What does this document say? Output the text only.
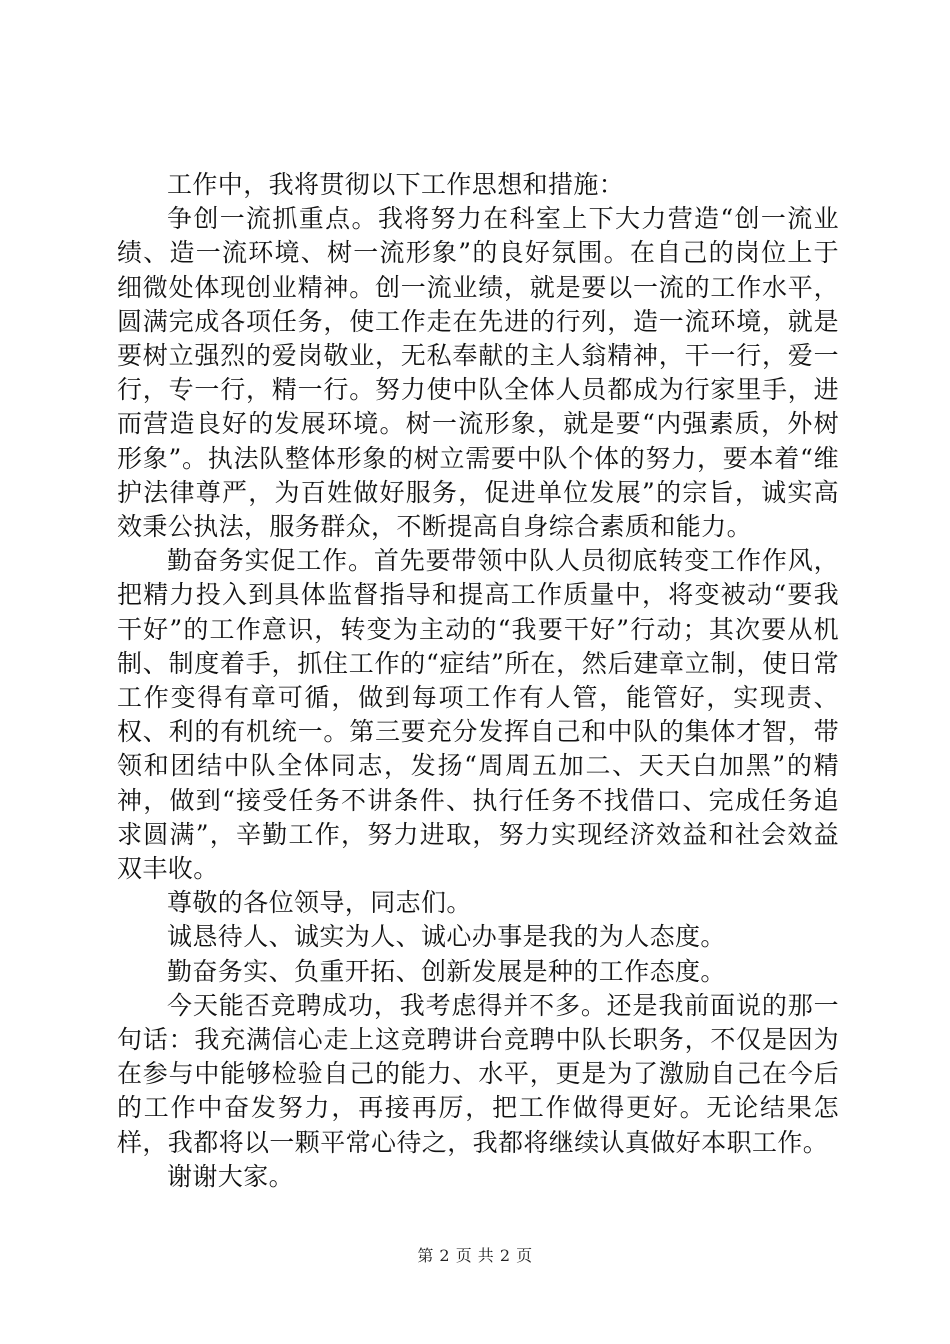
工作中，我将贯彻以下工作思想和措施：

争创一流抓重点。我将努力在科室上下大力营造“创一流业绩、造一流环境、树一流形象”的良好氛围。在自己的岗位上于细微处体现创业精神。创一流业绩，就是要以一流的工作水平，圆满完成各项任务，使工作走在先进的行列，造一流环境，就是要树立强烈的爱岗敬业，无私奉献的主人翁精神，干一行，爱一行，专一行，精一行。努力使中队全体人员都成为行家里手，进而营造良好的发展环境。树一流形象，就是要“内强素质，外树形象”。执法队整体形象的树立需要中队个体的努力，要本着“维护法律尊严，为百姓做好服务，促进单位发展”的宗旨，诚实高效秉公执法，服务群众，不断提高自身综合素质和能力。

勤奋务实促工作。首先要带领中队人员彻底转变工作作风，把精力投入到具体监督指导和提高工作质量中，将变被动“要我干好”的工作意识，转变为主动的“我要干好”行动；其次要从机制、制度着手，抓住工作的“症结”所在，然后建章立制，使日常工作变得有章可循，做到每项工作有人管，能管好，实现责、权、利的有机统一。第三要充分发挥自己和中队的集体才智，带领和团结中队全体同志，发扬“周周五加二、天天白加黑”的精神，做到“接受任务不讲条件、执行任务不找借口、完成任务追求圆满”，辛勤工作，努力进取，努力实现经济效益和社会效益双丰收。

尊敬的各位领导，同志们。

诚恳待人、诚实为人、诚心办事是我的为人态度。

勤奋务实、负重开拓、创新发展是种的工作态度。

今天能否竞聘成功，我考虑得并不多。还是我前面说的那一句话：我充满信心走上这竞聘讲台竞聘中队长职务，不仅是因为在参与中能够检验自己的能力、水平，更是为了激励自己在今后的工作中奋发努力，再接再厉，把工作做得更好。无论结果怎样，我都将以一颗平常心待之，我都将继续认真做好本职工作。

谢谢大家。

第 2 页 共 2 页
